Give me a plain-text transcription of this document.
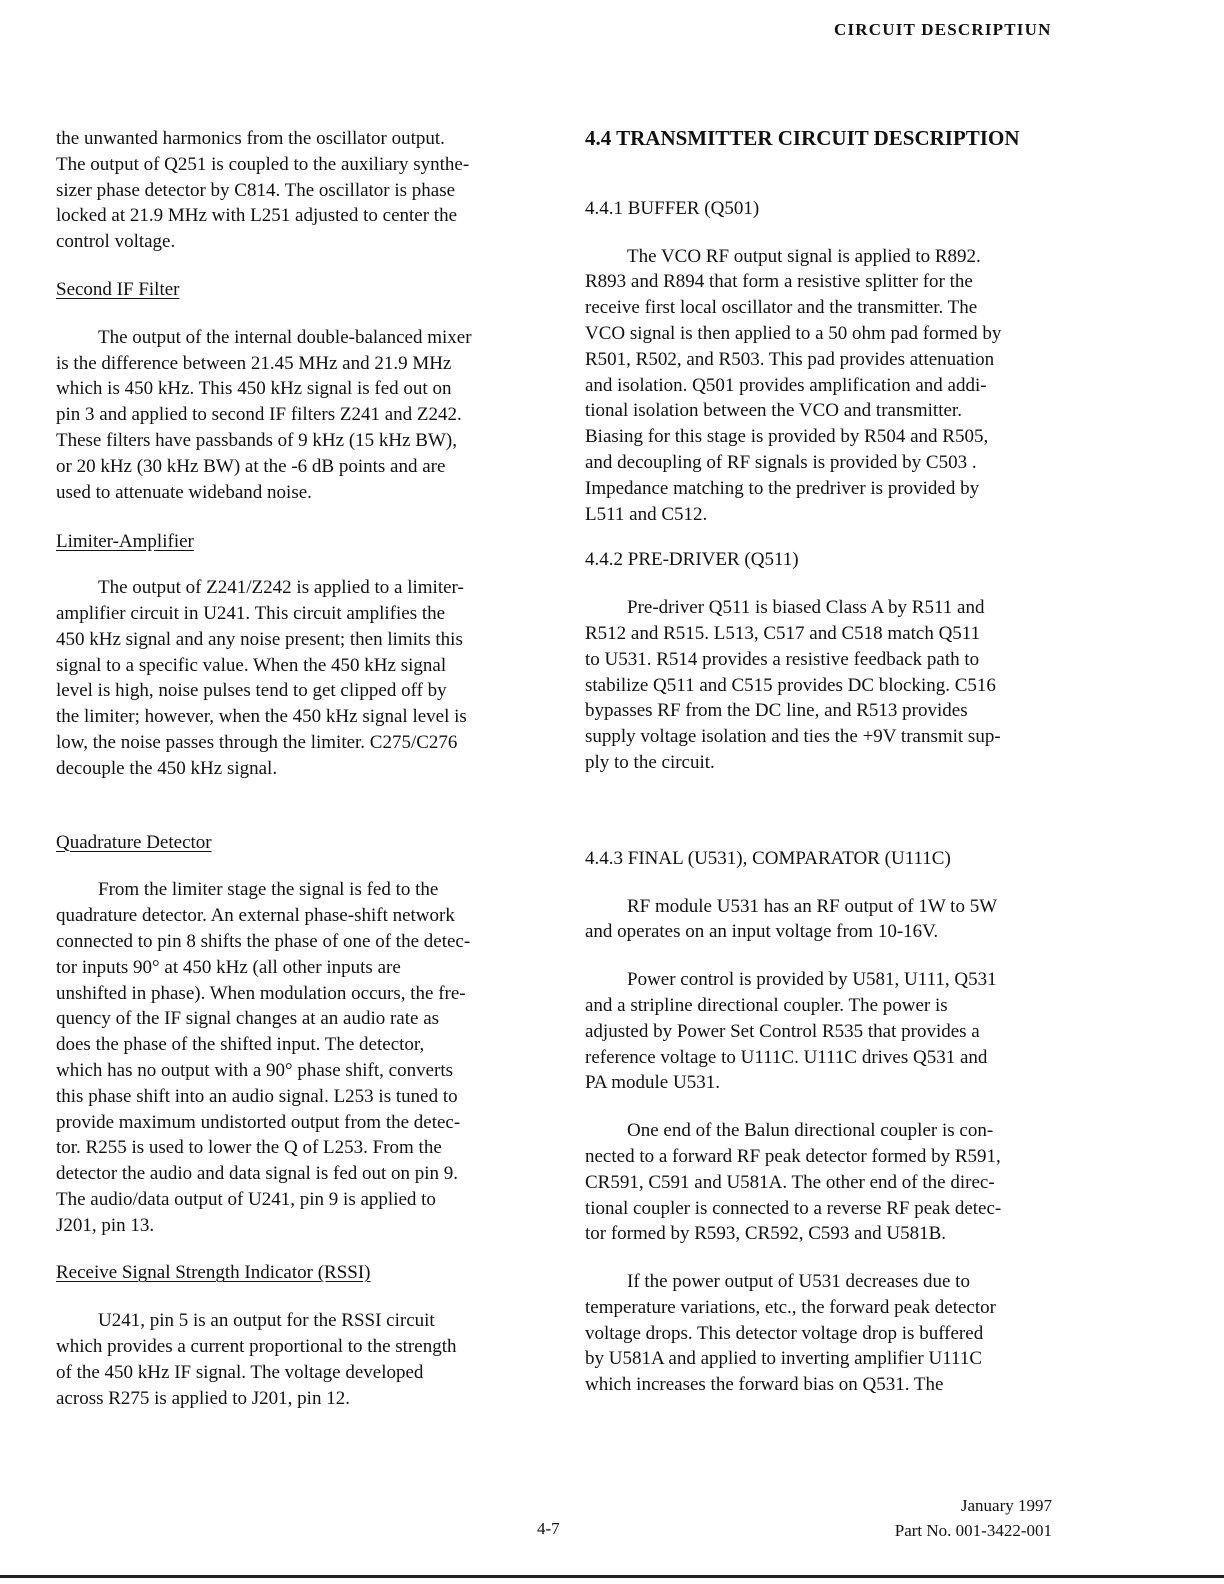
CIRCUIT DESCRIPTIUN
the unwanted harmonics from the oscillator output.
The output of Q251 is coupled to the auxiliary synthe-
sizer phase detector by C814. The oscillator is phase
locked at 21.9 MHz with L251 adjusted to center the
control voltage.
Second IF Filter
The output of the internal double-balanced mixer
is the difference between 21.45 MHz and 21.9 MHz
which is 450 kHz. This 450 kHz signal is fed out on
pin 3 and applied to second IF filters Z241 and Z242.
These filters have passbands of 9 kHz (15 kHz BW),
or 20 kHz (30 kHz BW) at the -6 dB points and are
used to attenuate wideband noise.
Limiter-Amplifier
The output of Z241/Z242 is applied to a limiter-
amplifier circuit in U241. This circuit amplifies the
450 kHz signal and any noise present; then limits this
signal to a specific value. When the 450 kHz signal
level is high, noise pulses tend to get clipped off by
the limiter; however, when the 450 kHz signal level is
low, the noise passes through the limiter. C275/C276
decouple the 450 kHz signal.
Quadrature Detector
From the limiter stage the signal is fed to the
quadrature detector. An external phase-shift network
connected to pin 8 shifts the phase of one of the detec-
tor inputs 90° at 450 kHz (all other inputs are
unshifted in phase). When modulation occurs, the fre-
quency of the IF signal changes at an audio rate as
does the phase of the shifted input. The detector,
which has no output with a 90° phase shift, converts
this phase shift into an audio signal. L253 is tuned to
provide maximum undistorted output from the detec-
tor. R255 is used to lower the Q of L253. From the
detector the audio and data signal is fed out on pin 9.
The audio/data output of U241, pin 9 is applied to
J201, pin 13.
Receive Signal Strength Indicator (RSSI)
U241, pin 5 is an output for the RSSI circuit
which provides a current proportional to the strength
of the 450 kHz IF signal. The voltage developed
across R275 is applied to J201, pin 12.
4.4 TRANSMITTER CIRCUIT DESCRIPTION
4.4.1 BUFFER (Q501)
The VCO RF output signal is applied to R892.
R893 and R894 that form a resistive splitter for the
receive first local oscillator and the transmitter. The
VCO signal is then applied to a 50 ohm pad formed by
R501, R502, and R503. This pad provides attenuation
and isolation. Q501 provides amplification and addi-
tional isolation between the VCO and transmitter.
Biasing for this stage is provided by R504 and R505,
and decoupling of RF signals is provided by C503 .
Impedance matching to the predriver is provided by
L511 and C512.
4.4.2 PRE-DRIVER (Q511)
Pre-driver Q511 is biased Class A by R511 and
R512 and R515. L513, C517 and C518 match Q511
to U531. R514 provides a resistive feedback path to
stabilize Q511 and C515 provides DC blocking. C516
bypasses RF from the DC line, and R513 provides
supply voltage isolation and ties the +9V transmit sup-
ply to the circuit.
4.4.3 FINAL (U531), COMPARATOR (U111C)
RF module U531 has an RF output of 1W to 5W
and operates on an input voltage from 10-16V.
Power control is provided by U581, U111, Q531
and a stripline directional coupler. The power is
adjusted by Power Set Control R535 that provides a
reference voltage to U111C. U111C drives Q531 and
PA module U531.
One end of the Balun directional coupler is con-
nected to a forward RF peak detector formed by R591,
CR591, C591 and U581A. The other end of the direc-
tional coupler is connected to a reverse RF peak detec-
tor formed by R593, CR592, C593 and U581B.
If the power output of U531 decreases due to
temperature variations, etc., the forward peak detector
voltage drops. This detector voltage drop is buffered
by U581A and applied to inverting amplifier U111C
which increases the forward bias on Q531. The
4-7
January 1997
Part No. 001-3422-001
